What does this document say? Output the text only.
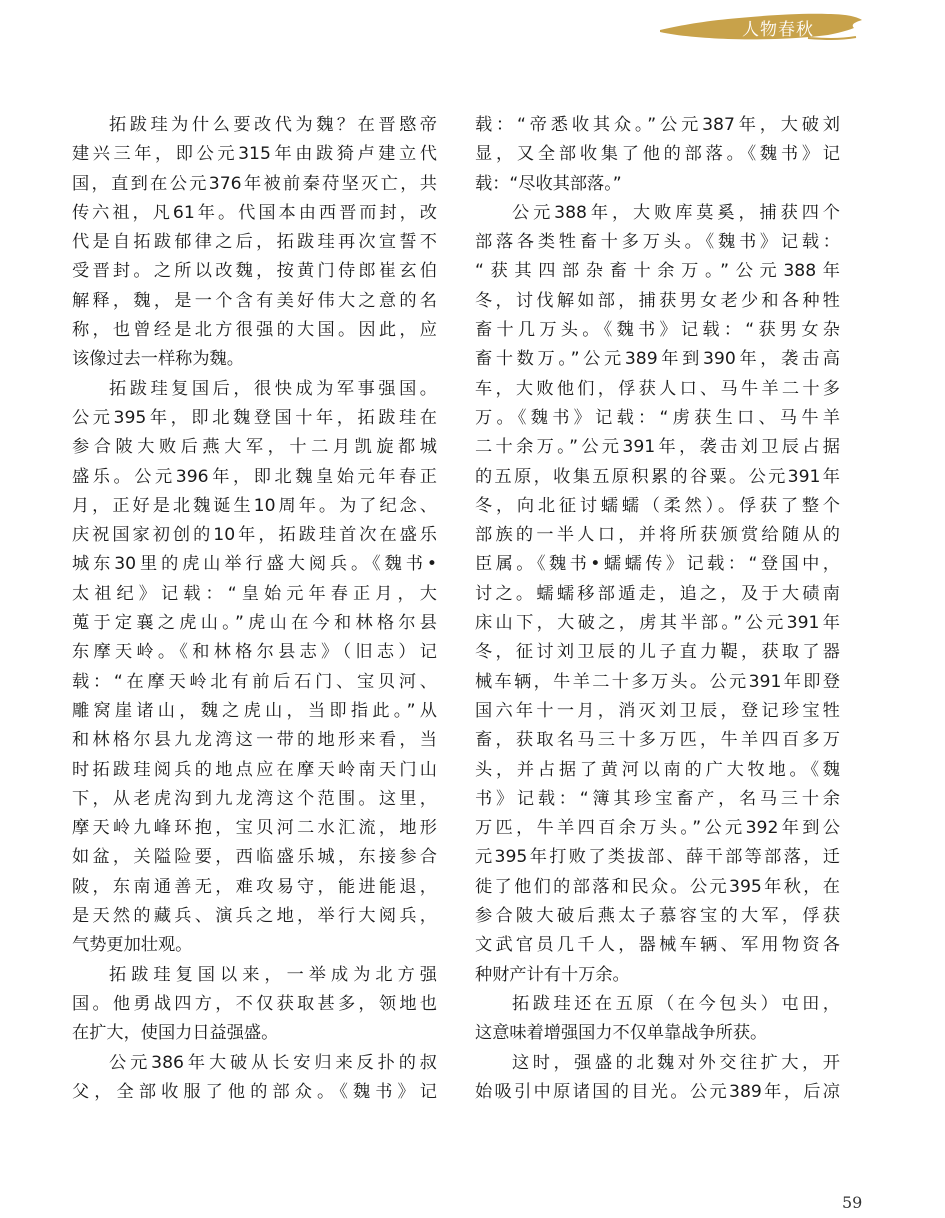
人物春秋
拓跋珪为什么要改代为魏？在晋愍帝
建兴三年，即公元315年由跋猗卢建立代
国，直到在公元376年被前秦苻坚灭亡，共
传六祖，凡61年。代国本由西晋而封，改
代是自拓跋郁律之后，拓跋珪再次宣誓不
受晋封。之所以改魏，按黄门侍郎崔玄伯
解释，魏，是一个含有美好伟大之意的名
称，也曾经是北方很强的大国。因此，应
该像过去一样称为魏。
拓跋珪复国后，很快成为军事强国。
公元395年，即北魏登国十年，拓跋珪在
参合陂大败后燕大军，十二月凯旋都城
盛乐。公元396年，即北魏皇始元年春正
月，正好是北魏诞生10周年。为了纪念、
庆祝国家初创的10年，拓跋珪首次在盛乐
城东30里的虎山举行盛大阅兵。《魏书•
太祖纪》记载：“皇始元年春正月，大
蒐于定襄之虎山。”虎山在今和林格尔县
东摩天岭。《和林格尔县志》（旧志）记
载：“在摩天岭北有前后石门、宝贝河、
雕窝崖诸山，魏之虎山，当即指此。”从
和林格尔县九龙湾这一带的地形来看，当
时拓跋珪阅兵的地点应在摩天岭南天门山
下，从老虎沟到九龙湾这个范围。这里，
摩天岭九峰环抱，宝贝河二水汇流，地形
如盆，关隘险要，西临盛乐城，东接参合
陂，东南通善无，难攻易守，能进能退，
是天然的藏兵、演兵之地，举行大阅兵，
气势更加壮观。
拓跋珪复国以来，一举成为北方强
国。他勇战四方，不仅获取甚多，领地也
在扩大，使国力日益强盛。
公元386年大破从长安归来反扑的叔
父，全部收服了他的部众。《魏书》记
载：“帝悉收其众。”公元387年，大破刘
显，又全部收集了他的部落。《魏书》记
载：“尽收其部落。”
公元388年，大败库莫奚，捕获四个
部落各类牲畜十多万头。《魏书》记载：
“获其四部杂畜十余万。”公元388年
冬，讨伐解如部，捕获男女老少和各种牲
畜十几万头。《魏书》记载：“获男女杂
畜十数万。”公元389年到390年，袭击高
车，大败他们，俘获人口、马牛羊二十多
万。《魏书》记载：“虏获生口、马牛羊
二十余万。”公元391年，袭击刘卫辰占据
的五原，收集五原积累的谷粟。公元391年
冬，向北征讨蠕蠕（柔然）。俘获了整个
部族的一半人口，并将所获颁赏给随从的
臣属。《魏书•蠕蠕传》记载：“登国中，
讨之。蠕蠕移部遁走，追之，及于大碛南
床山下，大破之，虏其半部。”公元391年
冬，征讨刘卫辰的儿子直力鞮，获取了器
械车辆，牛羊二十多万头。公元391年即登
国六年十一月，消灭刘卫辰，登记珍宝牲
畜，获取名马三十多万匹，牛羊四百多万
头，并占据了黄河以南的广大牧地。《魏
书》记载：“簿其珍宝畜产，名马三十余
万匹，牛羊四百余万头。”公元392年到公
元395年打败了类拔部、薛干部等部落，迁
徙了他们的部落和民众。公元395年秋，在
参合陂大破后燕太子慕容宝的大军，俘获
文武官员几千人，器械车辆、军用物资各
种财产计有十万余。
拓跋珪还在五原（在今包头）屯田，
这意味着增强国力不仅单靠战争所获。
这时，强盛的北魏对外交往扩大，开
始吸引中原诸国的目光。公元389年，后凉
59
